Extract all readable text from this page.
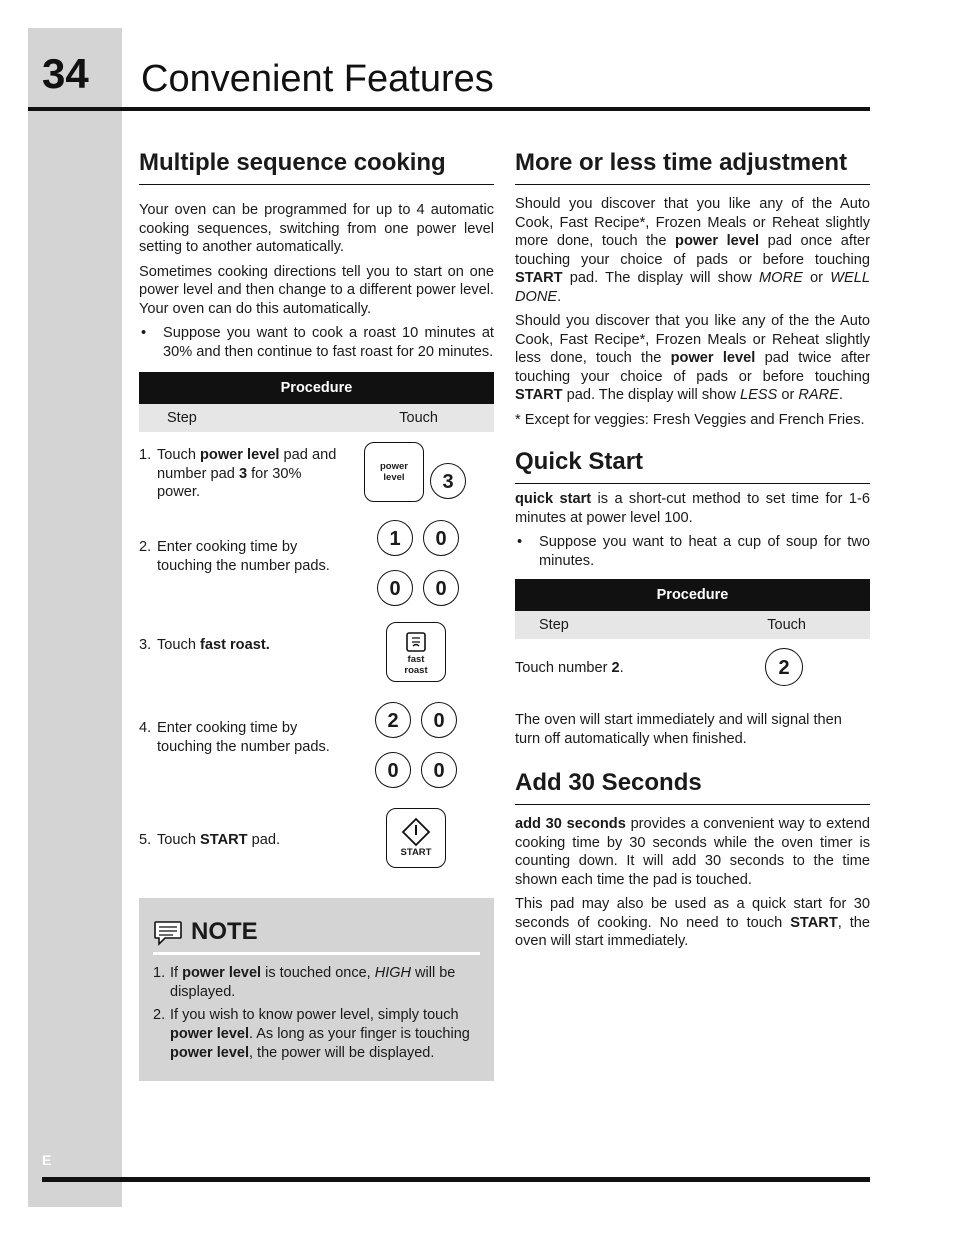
34 Convenient Features
Multiple sequence cooking

Your oven can be programmed for up to 4 automatic cooking sequences, switching from one power level setting to another automatically.

Sometimes cooking directions tell you to start on one power level and then change to a different power level. Your oven can do this automatically.

•	Suppose you want to cook a roast 10 minutes at 30% and then continue to fast roast for 20 minutes.
Procedure
Step	Touch
1. Touch power level pad and number pad 3 for 30% power.
power
level	3
2. Enter cooking time by touching the number pads.
1	0
0	0
3. Touch fast roast.
fast
roast
4. Enter cooking time by touching the number pads.
2	0
0	0
5. Touch START pad.
START
NOTE
1. If power level is touched once, HIGH will be displayed.
2. If you wish to know power level, simply touch power level. As long as your finger is touching power level, the power will be displayed.
More or less time adjustment

Should you discover that you like any of the Auto Cook, Fast Recipe*, Frozen Meals or Reheat slightly more done, touch the power level pad once after touching your choice of pads or before touching START pad. The display will show MORE or WELL DONE.

Should you discover that you like any of the the Auto Cook, Fast Recipe*, Frozen Meals or Reheat slightly less done, touch the power level pad twice after touching your choice of pads or before touching START pad. The display will show LESS or RARE.

* Except for veggies: Fresh Veggies and French Fries.

Quick Start

quick start is a short-cut method to set time for 1-6 minutes at power level 100.

•	Suppose you want to heat a cup of soup for two minutes.
Procedure
Step	Touch
Touch number 2.	2

The oven will start immediately and will signal then turn off automatically when finished.

Add 30 Seconds

add 30 seconds provides a convenient way to extend cooking time by 30 seconds while the oven timer is counting down. It will add 30 seconds to the time shown each time the pad is touched.

This pad may also be used as a quick start for 30 seconds of cooking. No need to touch START, the oven will start immediately.

E
